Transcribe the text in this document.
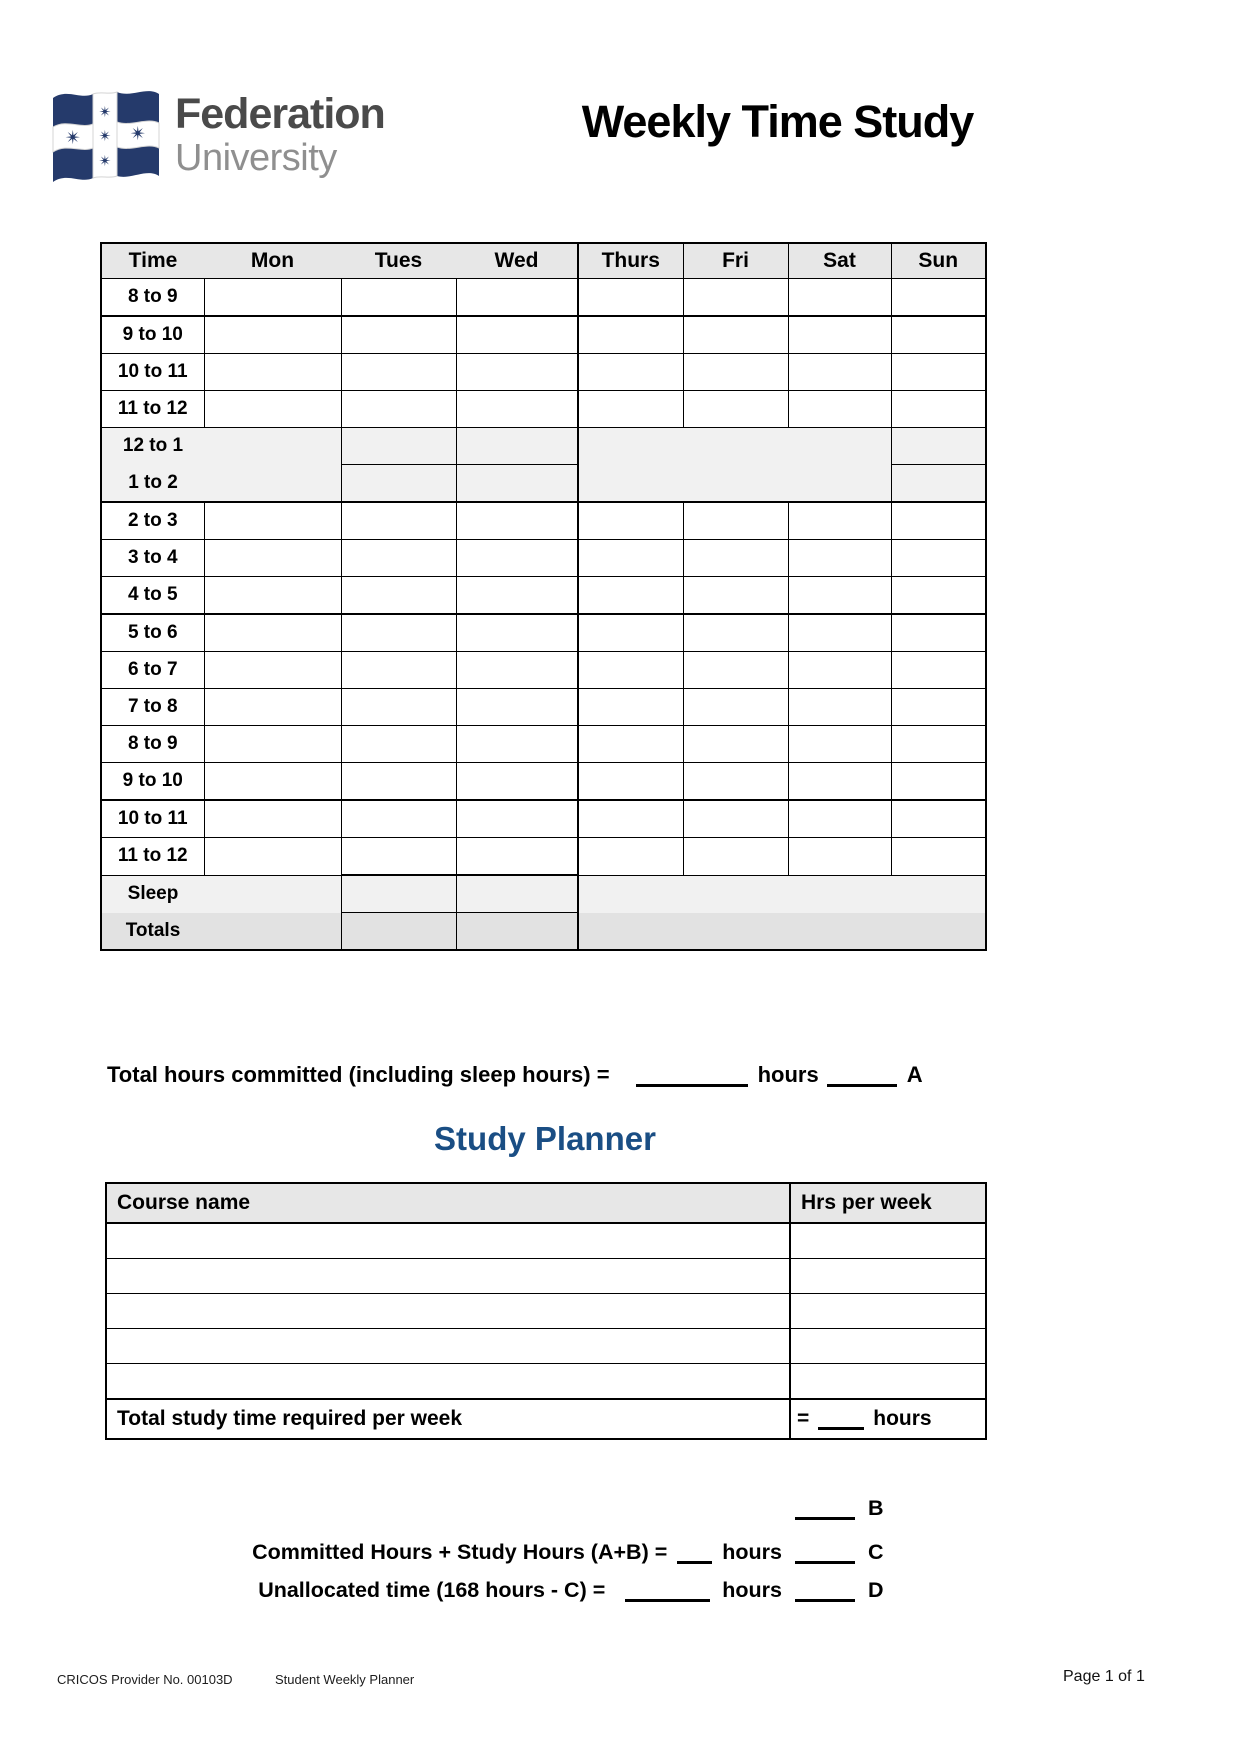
✴
✴
✴
✴	✴ Federation
University
Weekly Time Study
Time	Mon	Tues	Wed	Thurs	Fri	Sat	Sun
8 to 9							
9 to 10							
10 to 11							
11 to 12							
12 to 1							
1 to 2							
2 to 3							
3 to 4							
4 to 5							
5 to 6							
6 to 7							
7 to 8							
8 to 9							
9 to 10							
10 to 11							
11 to 12							
Sleep							
Totals							
Total hours committed (including sleep hours) =	hours	A
Study Planner
Course name	Hrs per week

Total study time required per week	= hours
B
Committed Hours + Study Hours (A+B) =	hours	C
Unallocated time (168 hours - C) =	hours	D
CRICOS Provider No. 00103D	Student Weekly Planner	Page 1 of 1
